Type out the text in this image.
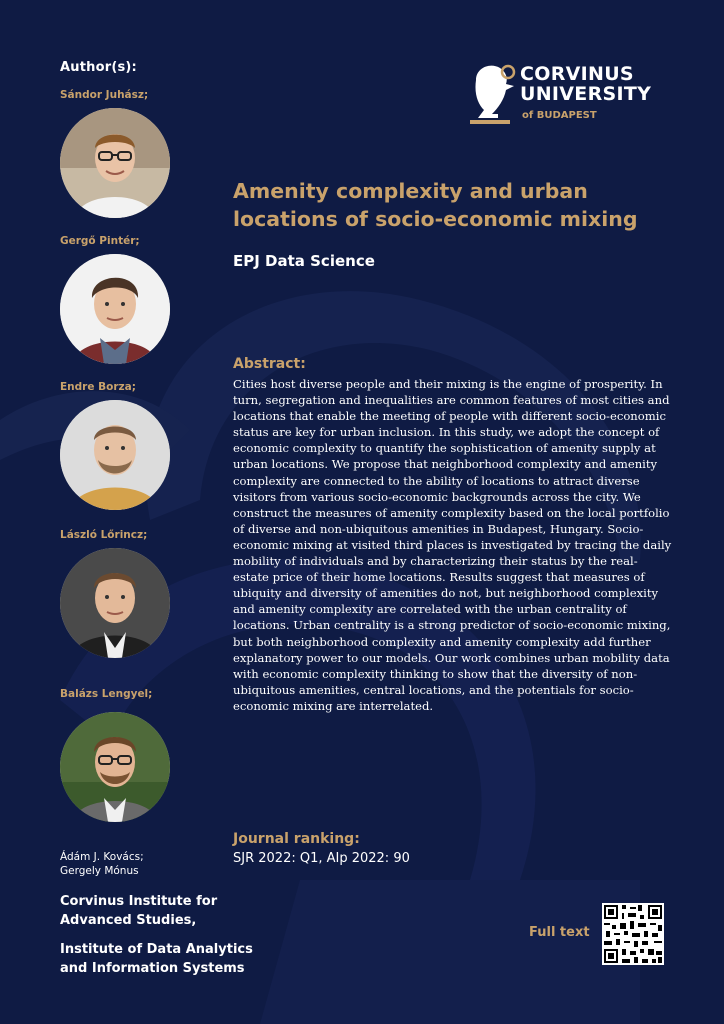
Author(s):
Sándor Juhász;
Gergő Pintér;
Endre Borza;
László Lőrincz;
Balázs Lengyel;
Ádám J. Kovács;
Gergely Mónus
Corvinus Institute for
Advanced Studies,
Institute of Data Analytics
and Information Systems
CORVINUS
UNIVERSITY
of BUDAPEST
Amenity complexity and urban locations of socio-economic mixing
EPJ Data Science
Abstract:
Cities host diverse people and their mixing is the engine of prosperity. In turn, segregation and inequalities are common features of most cities and locations that enable the meeting of people with different socio-economic status are key for urban inclusion. In this study, we adopt the concept of economic complexity to quantify the sophistication of amenity supply at urban locations. We propose that neighborhood complexity and amenity complexity are connected to the ability of locations to attract diverse visitors from various socio-economic backgrounds across the city. We construct the measures of amenity complexity based on the local portfolio of diverse and non-ubiquitous amenities in Budapest, Hungary. Socio-economic mixing at visited third places is investigated by tracing the daily mobility of individuals and by characterizing their status by the real-estate price of their home locations. Results suggest that measures of ubiquity and diversity of amenities do not, but neighborhood complexity and amenity complexity are correlated with the urban centrality of locations. Urban centrality is a strong predictor of socio-economic mixing, but both neighborhood complexity and amenity complexity add further explanatory power to our models. Our work combines urban mobility data with economic complexity thinking to show that the diversity of non-ubiquitous amenities, central locations, and the potentials for socio-economic mixing are interrelated.
Journal ranking:
SJR 2022: Q1, AIp 2022: 90
Full text
